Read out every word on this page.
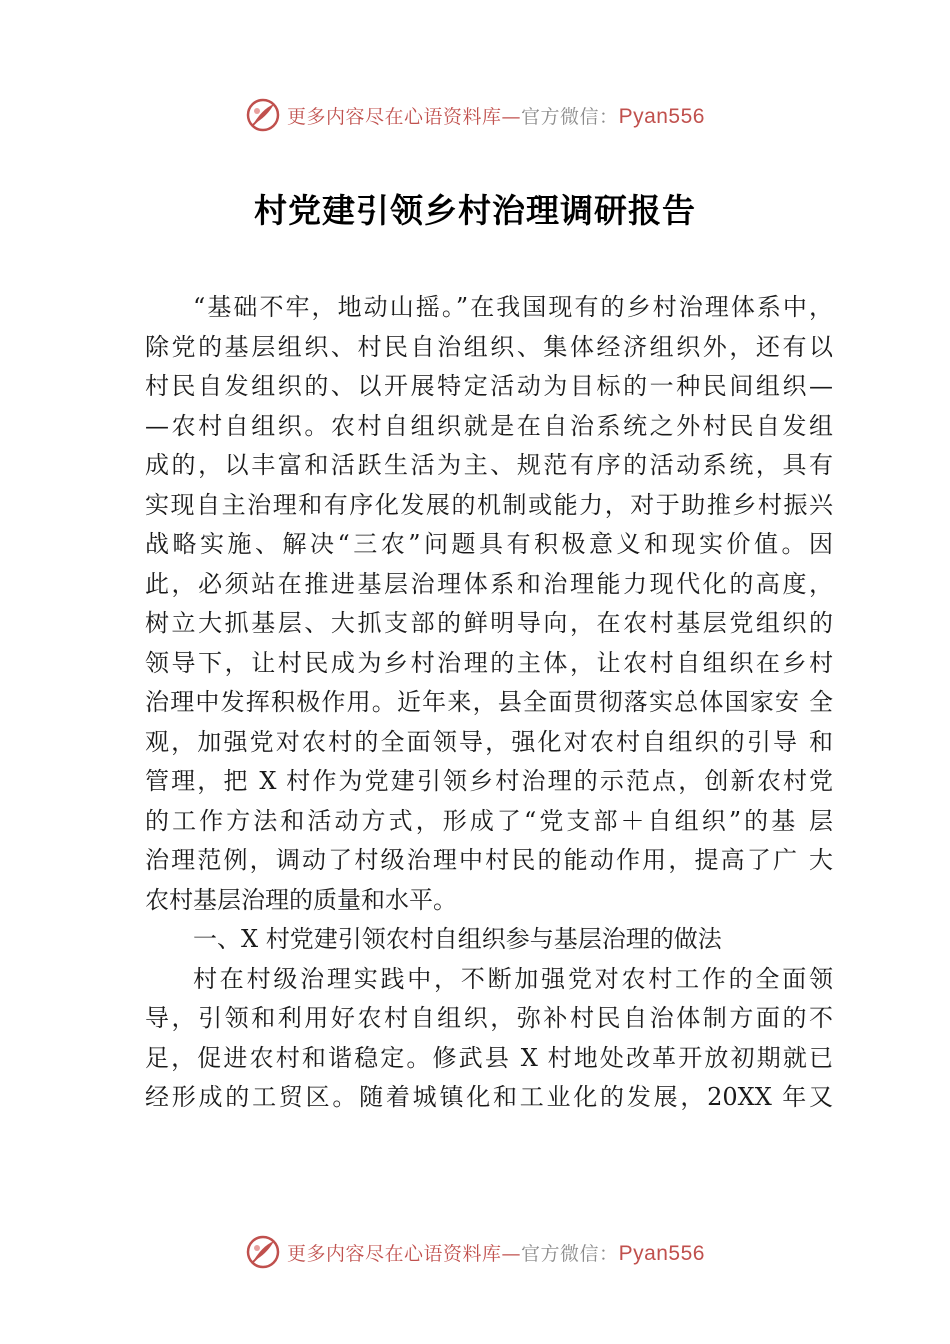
更多内容尽在心语资料库—官方微信：Pyan556
村党建引领乡村治理调研报告
“基础不牢，地动山摇。”在我国现有的乡村治理体系中，
除党的基层组织、村民自治组织、集体经济组织外，还有以
村民自发组织的、以开展特定活动为目标的一种民间组织—
—农村自组织。农村自组织就是在自治系统之外村民自发组
成的，以丰富和活跃生活为主、规范有序的活动系统，具有
实现自主治理和有序化发展的机制或能力，对于助推乡村振兴
战略实施、解决“三农”问题具有积极意义和现实价值。因
此，必须站在推进基层治理体系和治理能力现代化的高度，
树立大抓基层、大抓支部的鲜明导向，在农村基层党组织的
领导下，让村民成为乡村治理的主体，让农村自组织在乡村
治理中发挥积极作用。近年来，县全面贯彻落实总体国家安 全
观，加强党对农村的全面领导，强化对农村自组织的引导 和
管理，把 X 村作为党建引领乡村治理的示范点，创新农村党
的工作方法和活动方式，形成了“党支部＋自组织”的基 层
治理范例，调动了村级治理中村民的能动作用，提高了广 大
农村基层治理的质量和水平。
一、X 村党建引领农村自组织参与基层治理的做法
村在村级治理实践中，不断加强党对农村工作的全面领
导，引领和利用好农村自组织，弥补村民自治体制方面的不
足，促进农村和谐稳定。修武县 X 村地处改革开放初期就已
经形成的工贸区。随着城镇化和工业化的发展，20XX 年又
更多内容尽在心语资料库—官方微信：Pyan556
